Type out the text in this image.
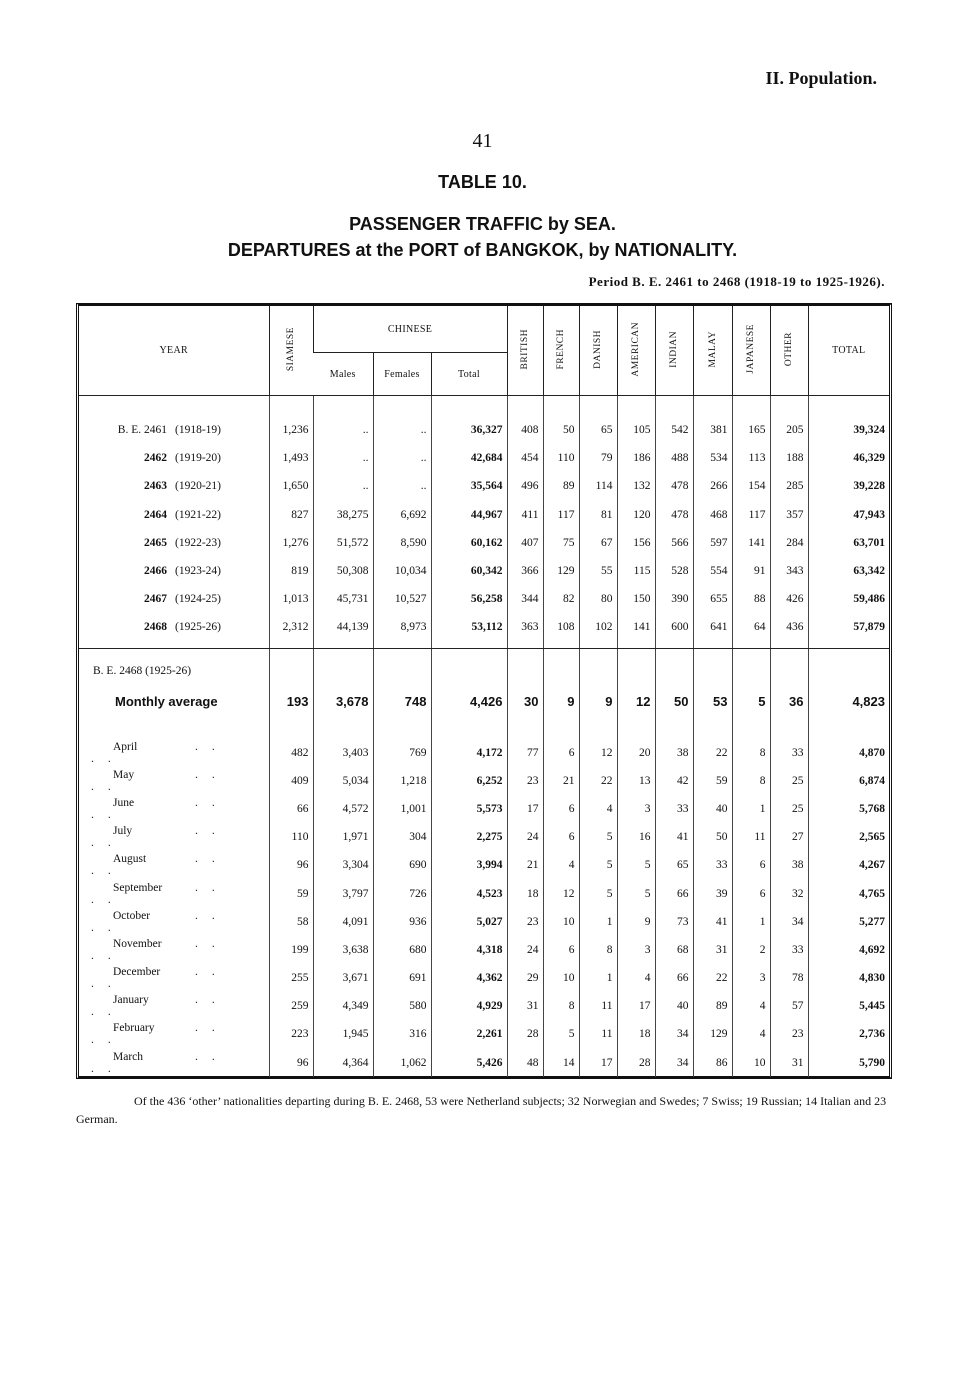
II. Population.
41
TABLE 10.
PASSENGER TRAFFIC by SEA.
DEPARTURES at the PORT of BANGKOK, by NATIONALITY.
Period B. E. 2461 to 2468 (1918-19 to 1925-1926).
YEAR	SIAMESE	CHINESE			BRITISH	FRENCH	DANISH	AMERICAN	INDIAN	MALAY	JAPANESE	OTHER	TOTAL
		Males	Females	Total									

B. E. 2461 (1918-19)	1,236	..	..	36,327	408	50	65	105	542	381	165	205	39,324
2462 (1919-20)	1,493	..	..	42,684	454	110	79	186	488	534	113	188	46,329
2463 (1920-21)	1,650	..	..	35,564	496	89	114	132	478	266	154	285	39,228
2464 (1921-22)	827	38,275	6,692	44,967	411	117	81	120	478	468	117	357	47,943
2465 (1922-23)	1,276	51,572	8,590	60,162	407	75	67	156	566	597	141	284	63,701
2466 (1923-24)	819	50,308	10,034	60,342	366	129	55	115	528	554	91	343	63,342
2467 (1924-25)	1,013	45,731	10,527	56,258	344	82	80	150	390	655	88	426	59,486
2468 (1925-26)	2,312	44,139	8,973	53,112	363	108	102	141	600	641	64	436	57,879

B. E. 2468 (1925-26)													
Monthly average	193	3,678	748	4,426	30	9	9	12	50	53	5	36	4,823

April ....	482	3,403	769	4,172	77	6	12	20	38	22	8	33	4,870
May ....	409	5,034	1,218	6,252	23	21	22	13	42	59	8	25	6,874
June ....	66	4,572	1,001	5,573	17	6	4	3	33	40	1	25	5,768
July ....	110	1,971	304	2,275	24	6	5	16	41	50	11	27	2,565
August ....	96	3,304	690	3,994	21	4	5	5	65	33	6	38	4,267
September ....	59	3,797	726	4,523	18	12	5	5	66	39	6	32	4,765
October ....	58	4,091	936	5,027	23	10	1	9	73	41	1	34	5,277
November ....	199	3,638	680	4,318	24	6	8	3	68	31	2	33	4,692
December ....	255	3,671	691	4,362	29	10	1	4	66	22	3	78	4,830
January ....	259	4,349	580	4,929	31	8	11	17	40	89	4	57	5,445
February ....	223	1,945	316	2,261	28	5	11	18	34	129	4	23	2,736
March ....	96	4,364	1,062	5,426	48	14	17	28	34	86	10	31	5,790
Of the 436 ‘other’ nationalities departing during B. E. 2468, 53 were Netherland subjects; 32 Norwegian and Swedes; 7 Swiss; 19 Russian; 14 Italian and 23 German.
